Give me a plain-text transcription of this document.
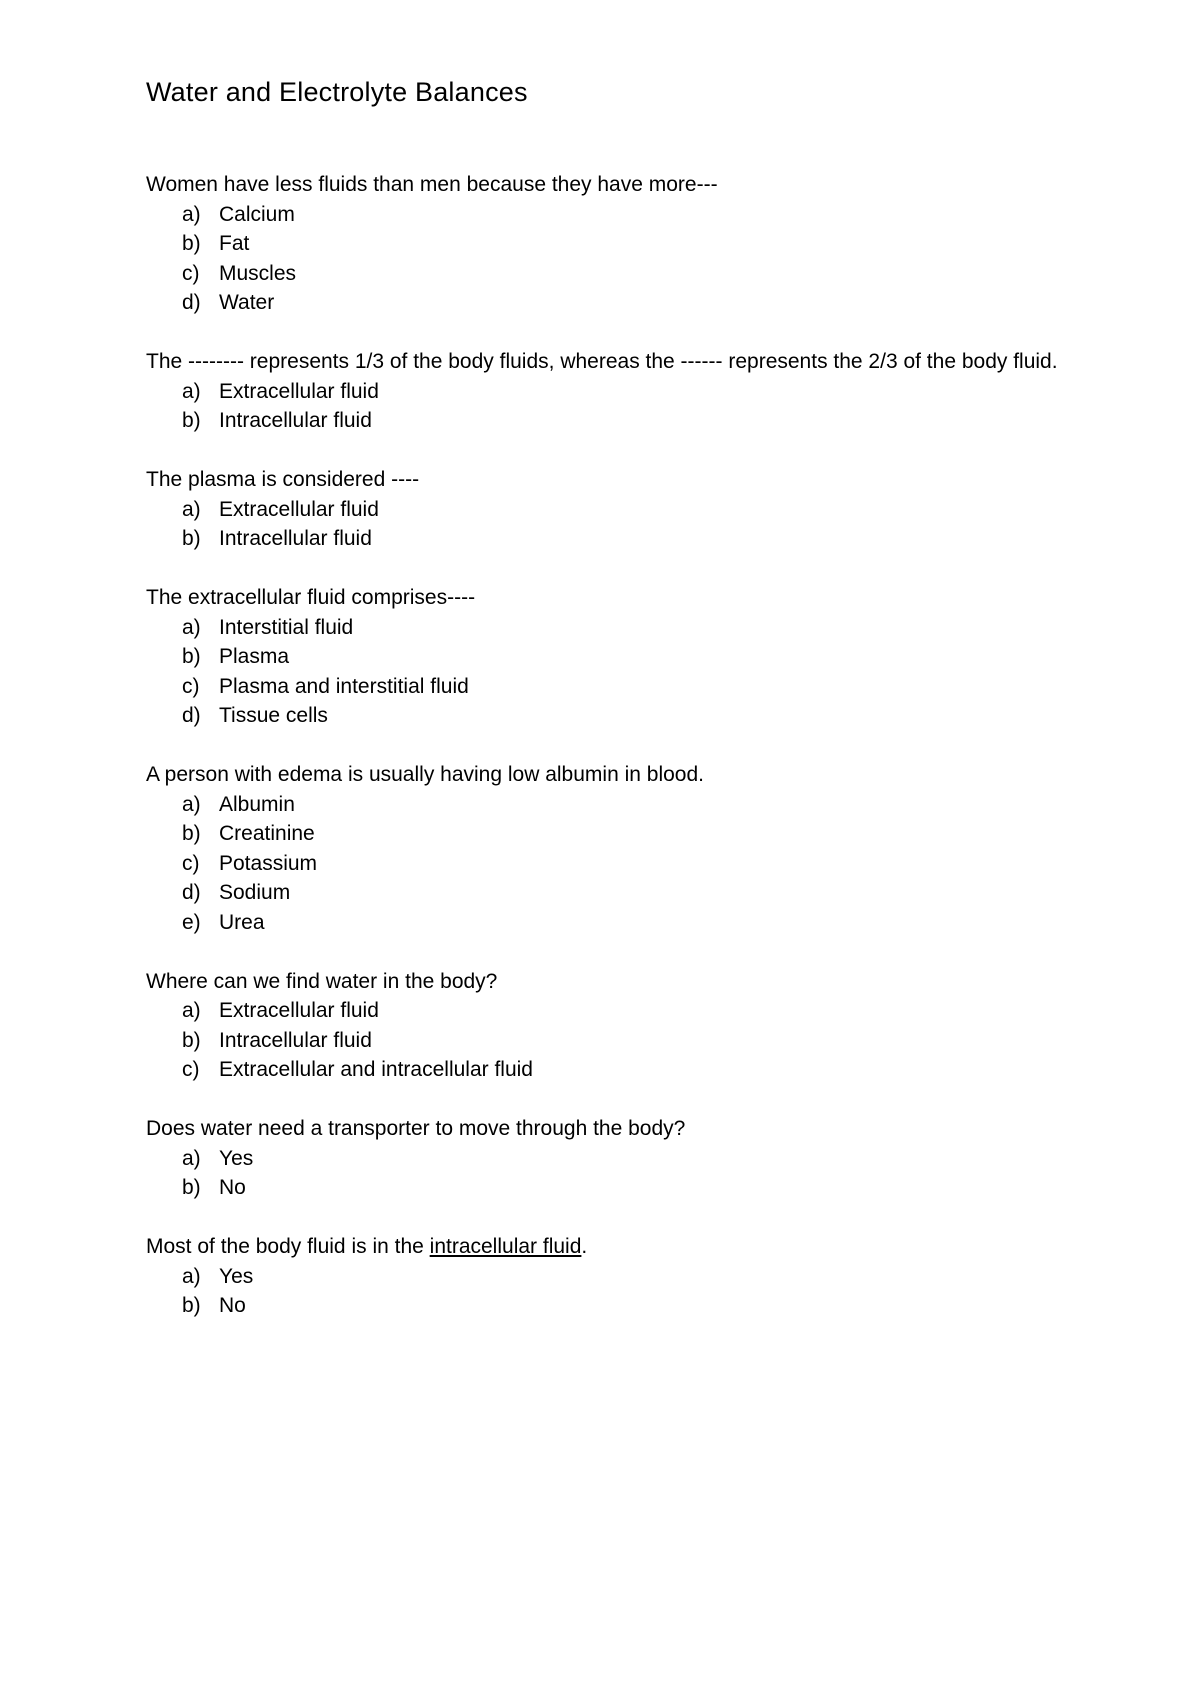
Water and Electrolyte Balances

Women have less fluids than men because they have more---

a) Calcium
b) Fat
c) Muscles
d) Water

The -------- represents 1/3 of the body fluids, whereas the ------ represents the 2/3 of the body fluid.

a) Extracellular fluid
b) Intracellular fluid

The plasma is considered ----

a) Extracellular fluid
b) Intracellular fluid

The extracellular fluid comprises----

a) Interstitial fluid
b) Plasma
c) Plasma and interstitial fluid
d) Tissue cells

A person with edema is usually having low albumin in blood.

a) Albumin
b) Creatinine
c) Potassium
d) Sodium
e) Urea

Where can we find water in the body?

a) Extracellular fluid
b) Intracellular fluid
c) Extracellular and intracellular fluid

Does water need a transporter to move through the body?

a) Yes
b) No

Most of the body fluid is in the intracellular fluid.

a) Yes
b) No
